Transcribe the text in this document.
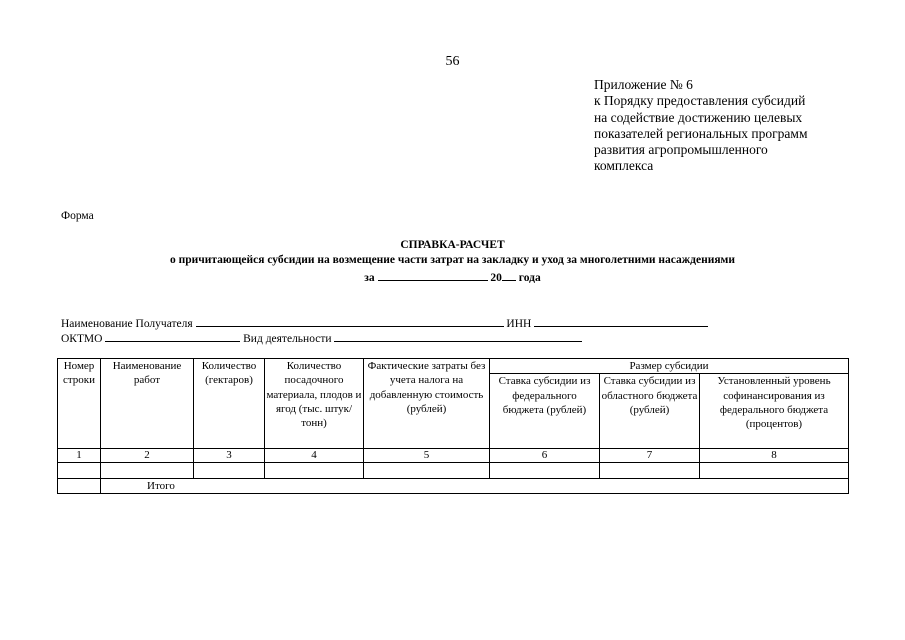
56
Приложение № 6
к Порядку предоставления субсидий
на содействие достижению целевых
показателей региональных программ
развития агропромышленного
комплекса
Форма
СПРАВКА-РАСЧЕТ
о причитающейся субсидии на возмещение части затрат на закладку и уход за многолетними насаждениями
за	20 года
Наименование Получателя	ИНН
ОКТМО	Вид деятельности
Номер строки	Наименование работ	Количество (гектаров)	Количество посадочного материала, плодов и ягод (тыс. штук/тонн)	Фактические затраты без учета налога на добавленную стоимость (рублей)	Размер субсидии		
					Ставка субсидии из федерального бюджета (рублей)	Ставка субсидии из областного бюджета (рублей)	Установленный уровень софинансирования из федерального бюджета (процентов)
1	2	3	4	5	6	7	8

	Итого						
